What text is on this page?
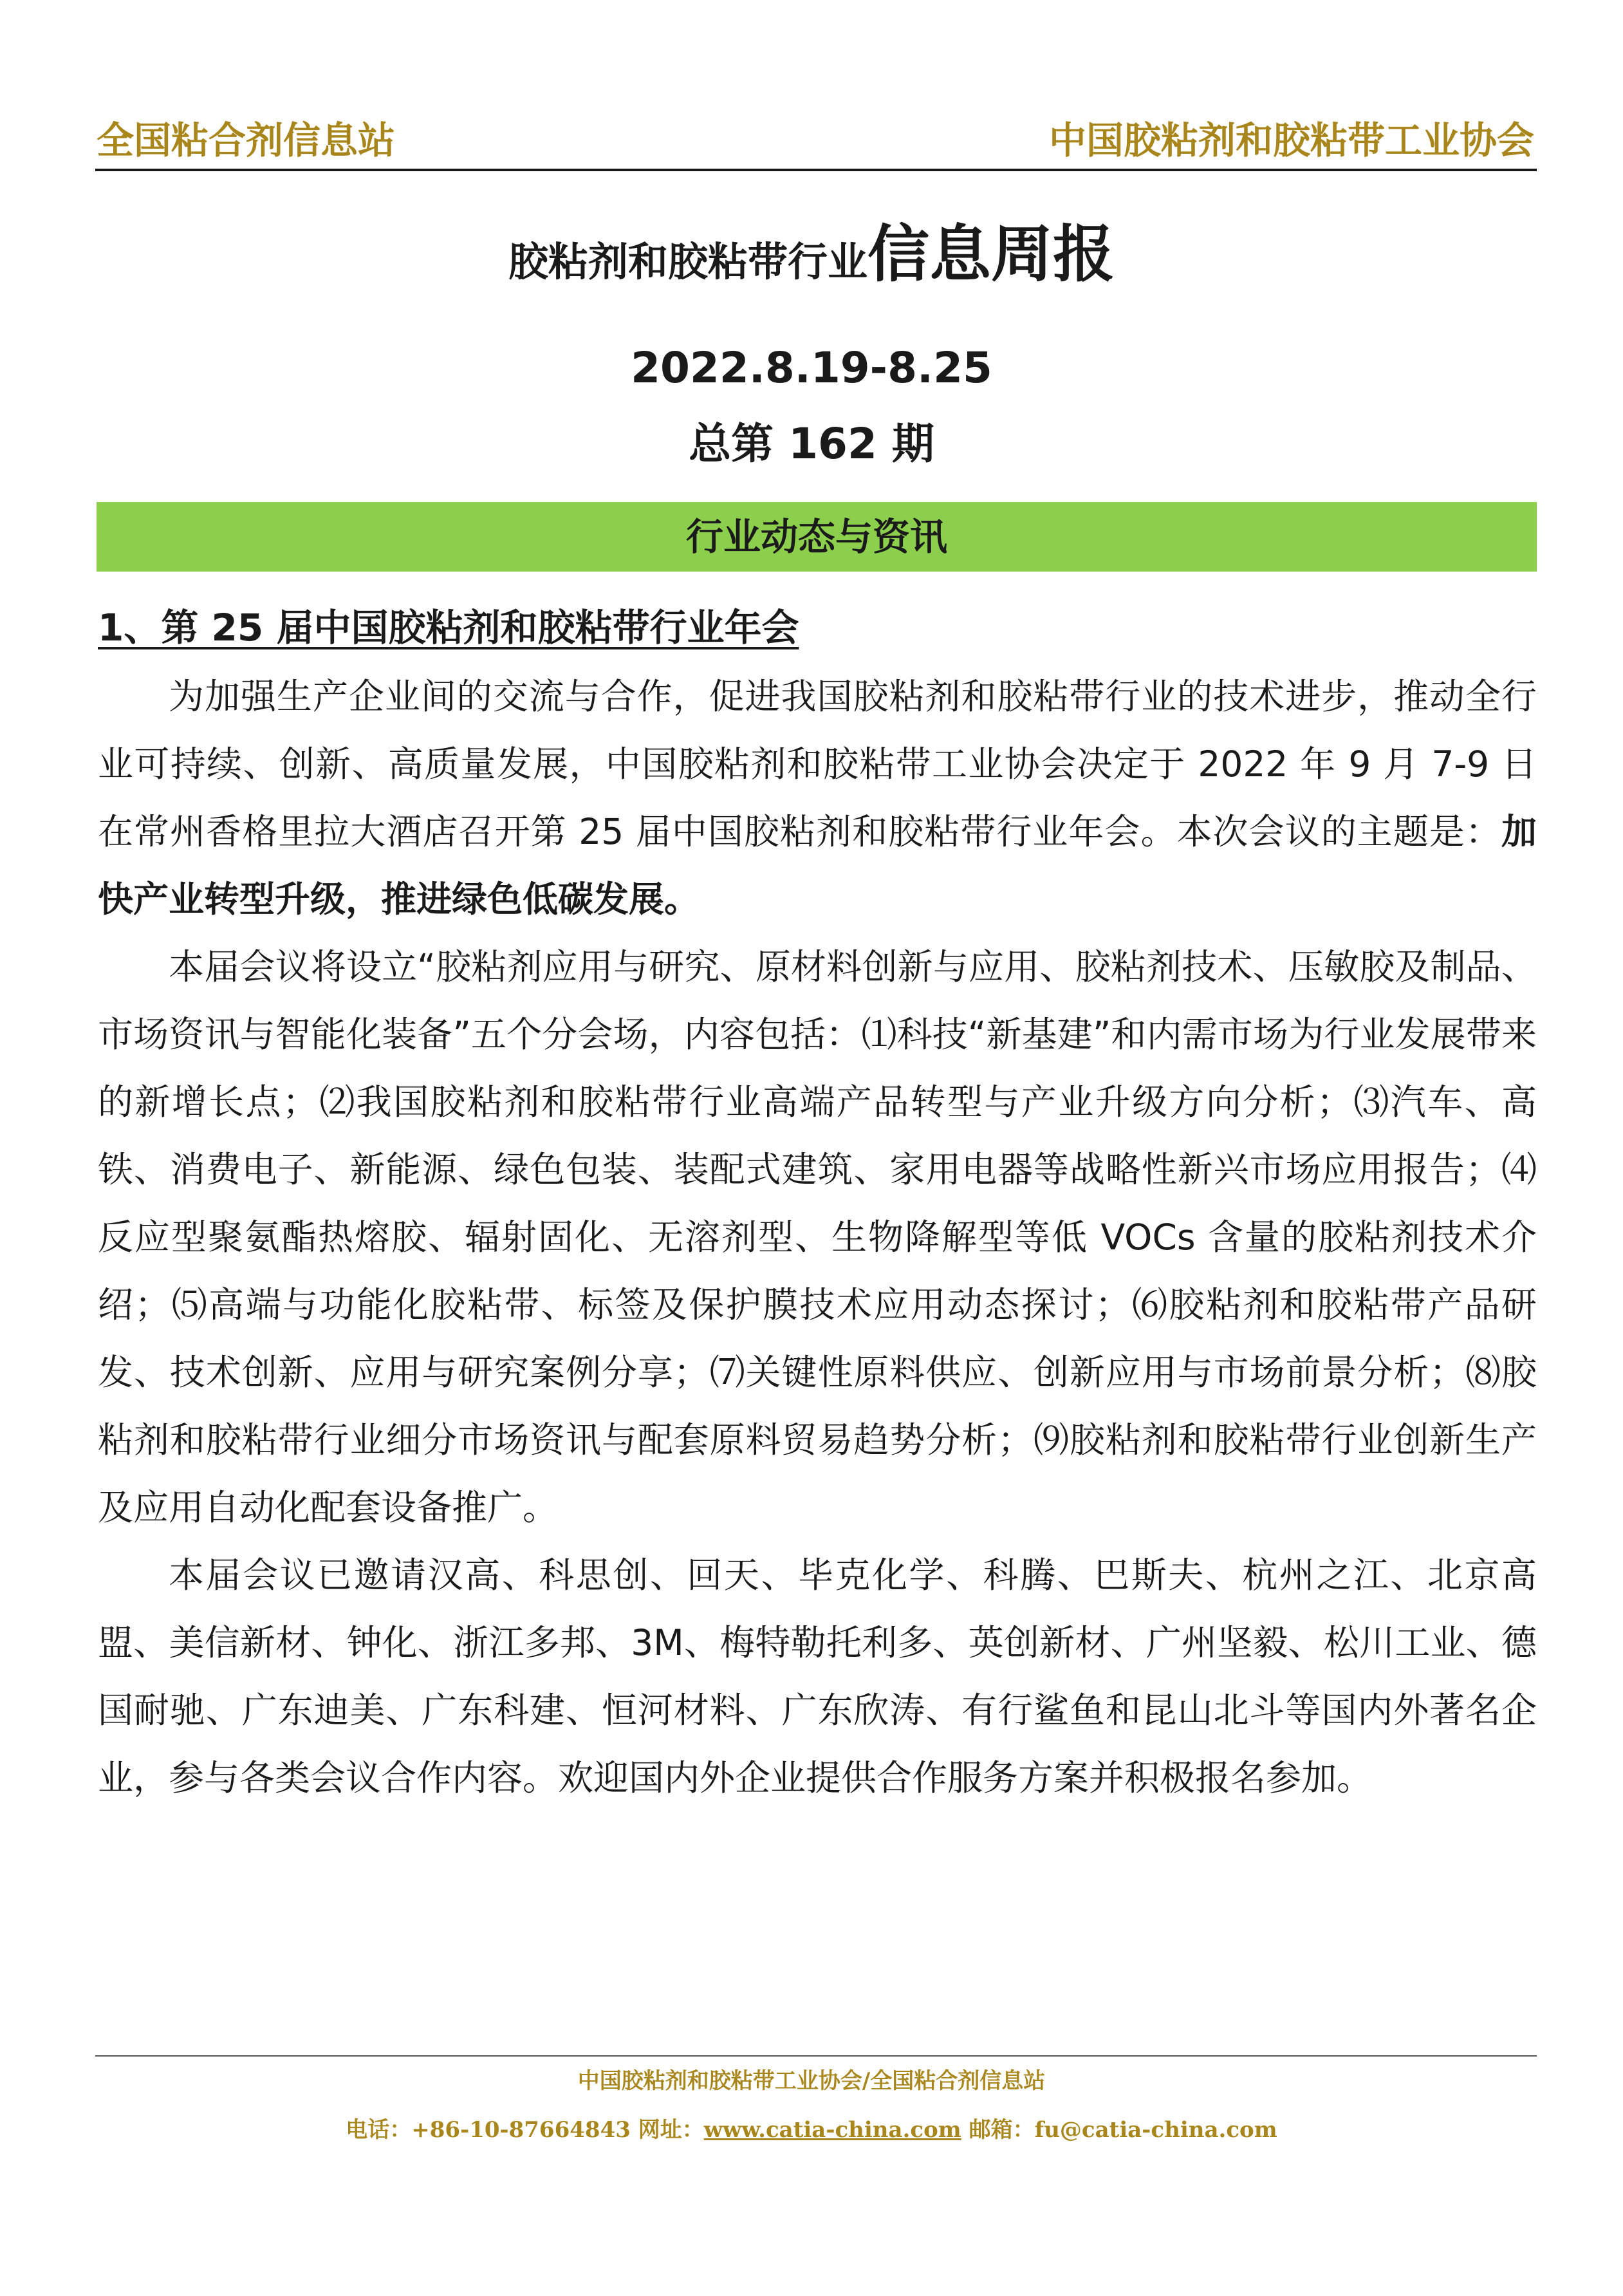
全国粘合剂信息站	中国胶粘剂和胶粘带工业协会
胶粘剂和胶粘带行业信息周报
2022.8.19-8.25
总第 162 期
行业动态与资讯
1、第 25 届中国胶粘剂和胶粘带行业年会

为加强生产企业间的交流与合作，促进我国胶粘剂和胶粘带行业的技术进步，推动全行业可持续、创新、高质量发展，中国胶粘剂和胶粘带工业协会决定于 2022 年 9 月 7-9 日在常州香格里拉大酒店召开第 25 届中国胶粘剂和胶粘带行业年会。本次会议的主题是：加快产业转型升级，推进绿色低碳发展。

本届会议将设立“胶粘剂应用与研究、原材料创新与应用、胶粘剂技术、压敏胶及制品、市场资讯与智能化装备”五个分会场，内容包括：⑴科技“新基建”和内需市场为行业发展带来的新增长点；⑵我国胶粘剂和胶粘带行业高端产品转型与产业升级方向分析；⑶汽车、高铁、消费电子、新能源、绿色包装、装配式建筑、家用电器等战略性新兴市场应用报告；⑷反应型聚氨酯热熔胶、辐射固化、无溶剂型、生物降解型等低 VOCs 含量的胶粘剂技术介绍；⑸高端与功能化胶粘带、标签及保护膜技术应用动态探讨；⑹胶粘剂和胶粘带产品研发、技术创新、应用与研究案例分享；⑺关键性原料供应、创新应用与市场前景分析；⑻胶粘剂和胶粘带行业细分市场资讯与配套原料贸易趋势分析；⑼胶粘剂和胶粘带行业创新生产及应用自动化配套设备推广。

本届会议已邀请汉高、科思创、回天、毕克化学、科腾、巴斯夫、杭州之江、北京高盟、美信新材、钟化、浙江多邦、3M、梅特勒托利多、英创新材、广州坚毅、松川工业、德国耐驰、广东迪美、广东科建、恒河材料、广东欣涛、有行鲨鱼和昆山北斗等国内外著名企业，参与各类会议合作内容。欢迎国内外企业提供合作服务方案并积极报名参加。

中国胶粘剂和胶粘带工业协会/全国粘合剂信息站
电话：+86-10-87664843 网址：www.catia-china.com 邮箱：fu@catia-china.com
